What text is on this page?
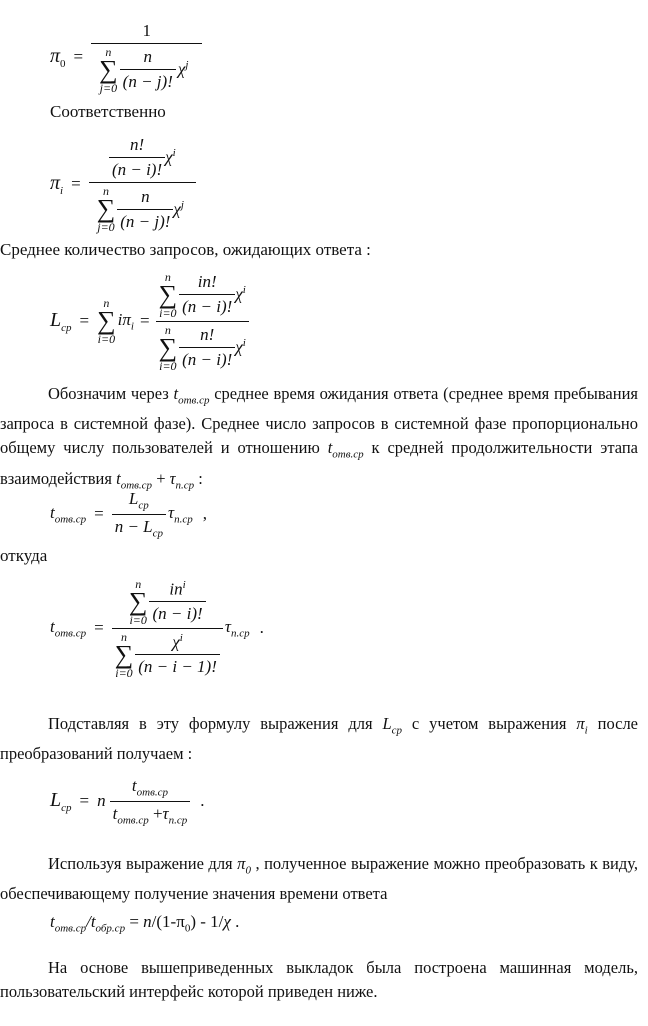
$\pi_0 = 1$
n
∑
$j=0 \frac{n}{(n - j)!} \chi^j$
Соответственно
$\pi_i = \frac{n!}{(n - i)!} \chi^i$
n
∑
$j=0 \frac{n}{(n - j)!} \chi^j$
Среднее количество запросов, ожидающих ответа :
$L_{ср}$ =
n
∑
i=0
$i\pi_i = n$
∑
$i=0 \frac{in!}{(n - i)!} \chi^i$
n
∑
$i=0 \frac{n!}{(n - i)!} \chi^i$
Обозначим через $t_{отв.ср}$ среднее время ожидания ответа (среднее время пребывания запроса в системной фазе). Среднее число запросов в системной фазе пропорционально общему числу пользователей и отношению $t_{отв.ср}$ к средней продолжительности этапа взаимодействия $t_{отв.ср} + \tau_{п.ср}$ :
$t_{отв.ср} = \frac{L_{ср}}{n - L_{ср}} \tau_{п.ср}$ ,
откуда
$t_{отв.ср} = n$
∑
$i=0 \frac{in^i}{(n - i)!}$
n
∑
$i=0 \frac{\chi^i}{(n - i - 1)!} \tau_{п.ср}$ .
Подставляя в эту формулу выражения для $L_{ср}$ с учетом выражения $\pi_i$ после преобразований получаем :
$L_{ср} = n \frac{t_{отв.ср}}{t_{отв.ср} +\tau_{п.ср}}$ .
Используя выражение для $\pi_0$ , полученное выражение можно преобразовать к виду, обеспечивающему получение значения времени ответа
$t_{отв.ср}/t_{обр.ср} = n/(1-\pi_0) - 1/\chi$ .
На основе вышеприведенных выкладок была построена машинная модель, пользовательский интерфейс которой приведен ниже.
